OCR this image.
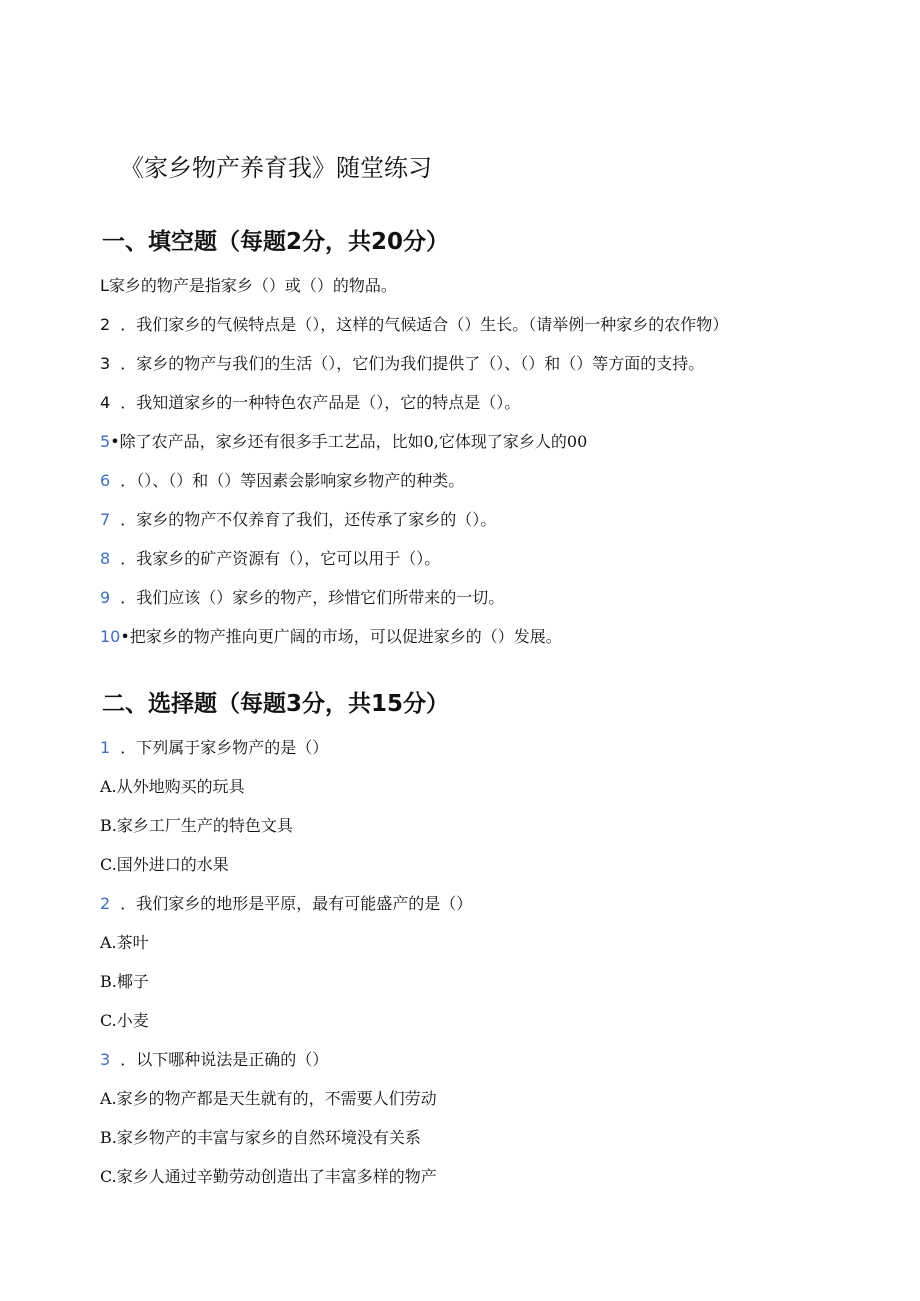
《家乡物产养育我》随堂练习
一、填空题（每题2分，共20分）
L家乡的物产是指家乡（）或（）的物品。
2 ．我们家乡的气候特点是（），这样的气候适合（）生长。（请举例一种家乡的农作物）
3 ．家乡的物产与我们的生活（），它们为我们提供了（）、（）和（）等方面的支持。
4 ．我知道家乡的一种特色农产品是（），它的特点是（）。
5•除了农产品，家乡还有很多手工艺品，比如0,它体现了家乡人的00
6 ．（）、（）和（）等因素会影响家乡物产的种类。
7 ．家乡的物产不仅养育了我们，还传承了家乡的（）。
8 ．我家乡的矿产资源有（），它可以用于（）。
9 ．我们应该（）家乡的物产，珍惜它们所带来的一切。
10•把家乡的物产推向更广阔的市场，可以促进家乡的（）发展。
二、选择题（每题3分，共15分）
1 ．下列属于家乡物产的是（）
A.从外地购买的玩具
B.家乡工厂生产的特色文具
C.国外进口的水果
2 ．我们家乡的地形是平原，最有可能盛产的是（）
A.茶叶
B.椰子
C.小麦
3 ．以下哪种说法是正确的（）
A.家乡的物产都是天生就有的，不需要人们劳动
B.家乡物产的丰富与家乡的自然环境没有关系
C.家乡人通过辛勤劳动创造出了丰富多样的物产
